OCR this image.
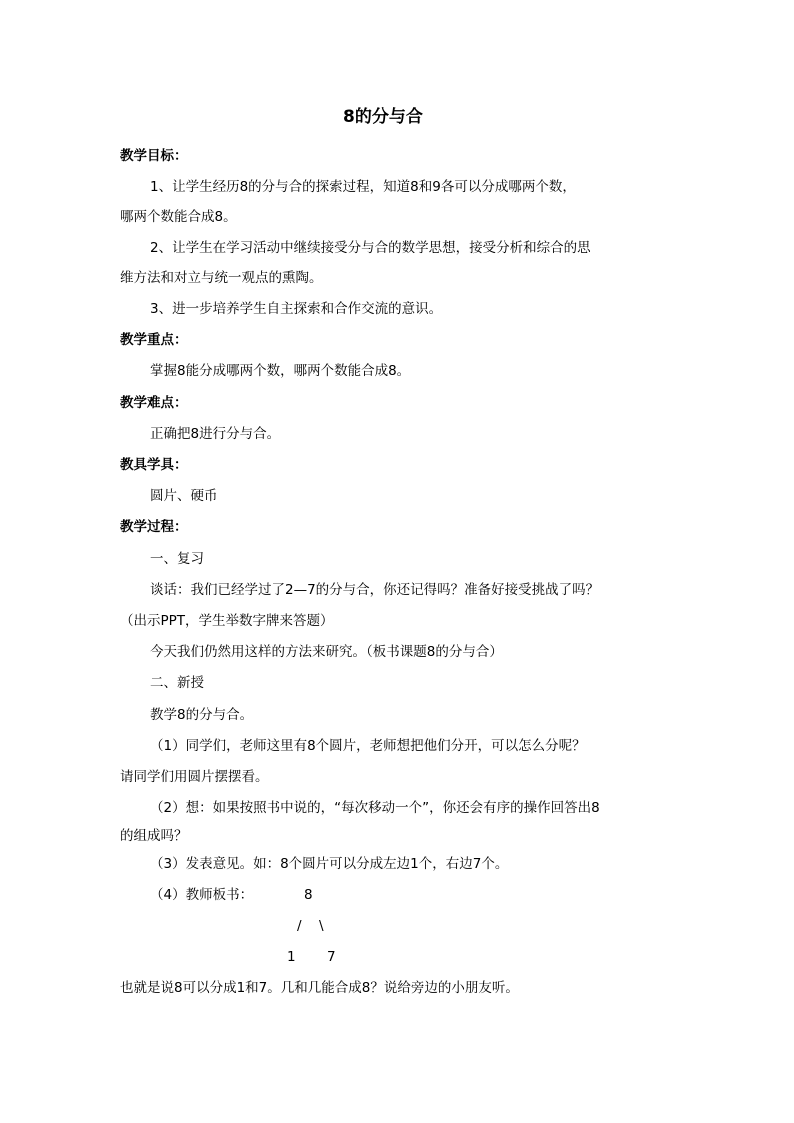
8的分与合
教学目标：
1、让学生经历8的分与合的探索过程，知道8和9各可以分成哪两个数，
哪两个数能合成8。
2、让学生在学习活动中继续接受分与合的数学思想，接受分析和综合的思
维方法和对立与统一观点的熏陶。
3、进一步培养学生自主探索和合作交流的意识。
教学重点：
掌握8能分成哪两个数，哪两个数能合成8。
教学难点：
正确把8进行分与合。
教具学具：
圆片、硬币
教学过程：
一、复习
谈话：我们已经学过了2—7的分与合，你还记得吗？准备好接受挑战了吗？
（出示PPT，学生举数字牌来答题）
今天我们仍然用这样的方法来研究。（板书课题8的分与合）
二、新授
教学8的分与合。
（1）同学们，老师这里有8个圆片，老师想把他们分开，可以怎么分呢？
请同学们用圆片摆摆看。
（2）想：如果按照书中说的，“每次移动一个”，你还会有序的操作回答出8
的组成吗？
（3）发表意见。如：8个圆片可以分成左边1个，右边7个。
（4）教师板书：	8
/ \
1 7
也就是说8可以分成1和7。几和几能合成8？说给旁边的小朋友听。
